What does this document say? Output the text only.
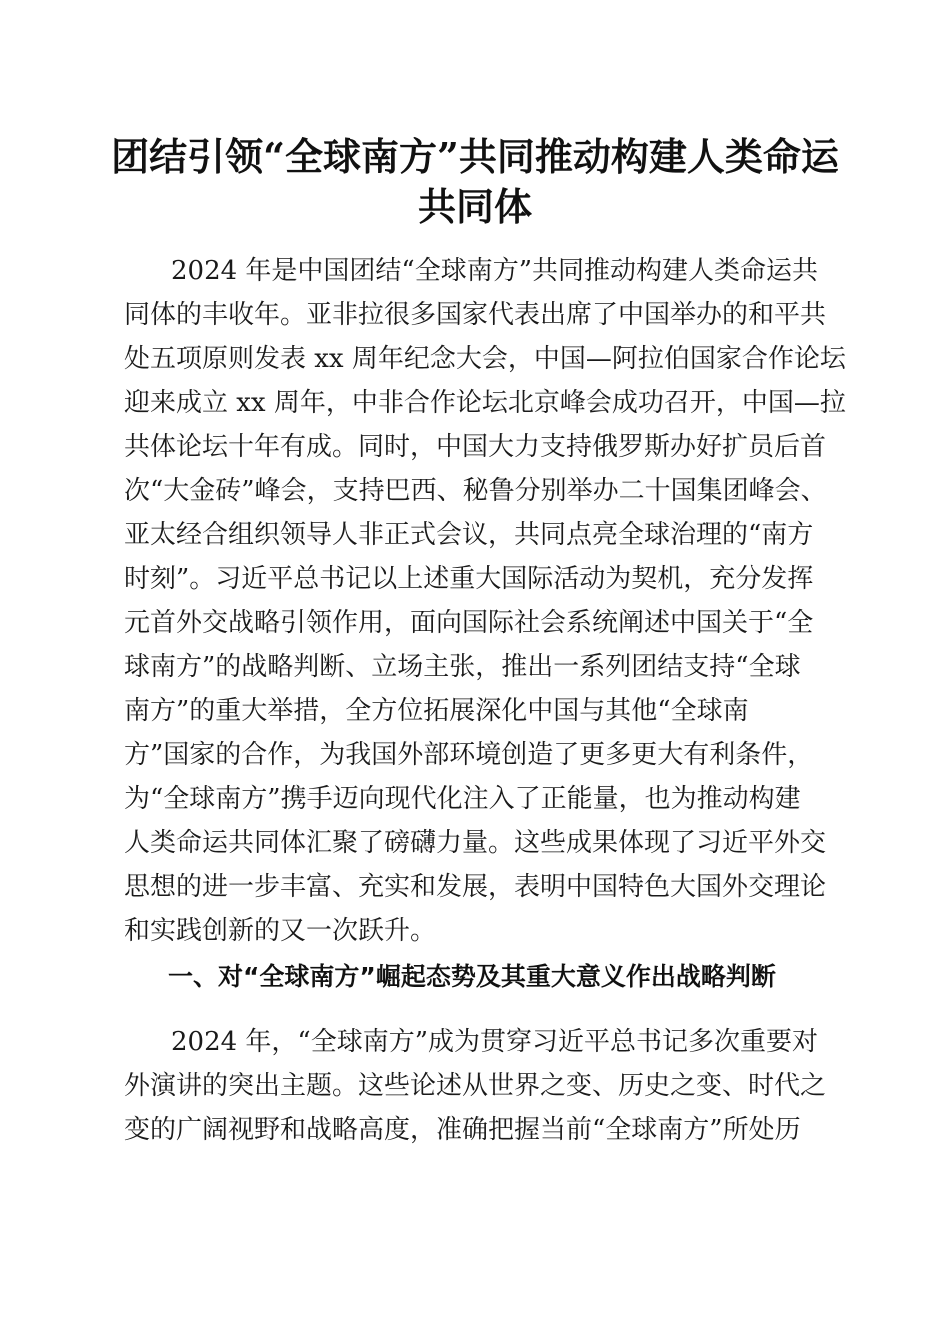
团结引领“全球南方”共同推动构建人类命运
共同体
2024 年是中国团结“全球南方”共同推动构建人类命运共
同体的丰收年。亚非拉很多国家代表出席了中国举办的和平共
处五项原则发表 xx 周年纪念大会，中国—阿拉伯国家合作论坛
迎来成立 xx 周年，中非合作论坛北京峰会成功召开，中国—拉
共体论坛十年有成。同时，中国大力支持俄罗斯办好扩员后首
次“大金砖”峰会，支持巴西、秘鲁分别举办二十国集团峰会、
亚太经合组织领导人非正式会议，共同点亮全球治理的“南方
时刻”。习近平总书记以上述重大国际活动为契机，充分发挥
元首外交战略引领作用，面向国际社会系统阐述中国关于“全
球南方”的战略判断、立场主张，推出一系列团结支持“全球
南方”的重大举措，全方位拓展深化中国与其他“全球南
方”国家的合作，为我国外部环境创造了更多更大有利条件，
为“全球南方”携手迈向现代化注入了正能量，也为推动构建
人类命运共同体汇聚了磅礴力量。这些成果体现了习近平外交
思想的进一步丰富、充实和发展，表明中国特色大国外交理论
和实践创新的又一次跃升。
一、对“全球南方”崛起态势及其重大意义作出战略判断
2024 年，“全球南方”成为贯穿习近平总书记多次重要对
外演讲的突出主题。这些论述从世界之变、历史之变、时代之
变的广阔视野和战略高度，准确把握当前“全球南方”所处历
